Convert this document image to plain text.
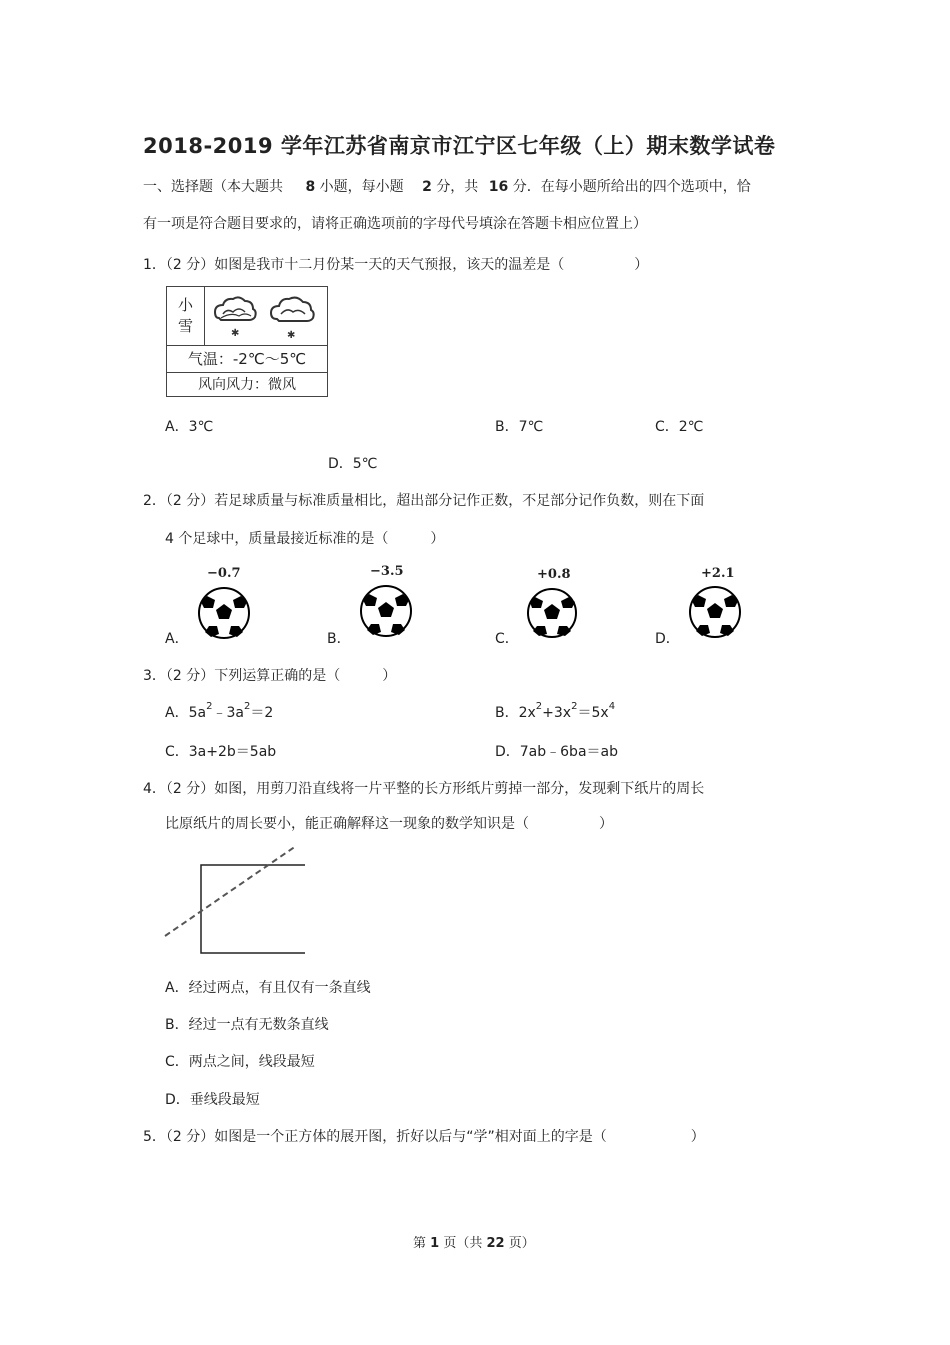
2018-2019 学年江苏省南京市江宁区七年级（上）期末数学试卷
一、选择题（本大题共 8 小题，每小题 2 分，共 16 分．在每小题所给出的四个选项中，恰
有一项是符合题目要求的，请将正确选项前的字母代号填涂在答题卡相应位置上）
1．（2 分）如图是我市十二月份某一天的天气预报，该天的温差是（　　　　　）
小
雪	✱	✱
气温：-2℃～5℃
风向风力：微风
A．3℃	B．7℃	C．2℃
D．5℃
2．（2 分）若足球质量与标准质量相比，超出部分记作正数，不足部分记作负数，则在下面
4 个足球中，质量最接近标准的是（　　　）
−0.7	−3.5	+0.8	+2.1
A．	B．	C．	D．
3．（2 分）下列运算正确的是（　　　）
A．$5a^2﹣3a^2=2$	B．$2x^2+3x^2=5x^4$
C．3a+2b＝5ab	D．7ab﹣6ba＝ab
4．（2 分）如图，用剪刀沿直线将一片平整的长方形纸片剪掉一部分，发现剩下纸片的周长
比原纸片的周长要小，能正确解释这一现象的数学知识是（　　　　　）
A．经过两点，有且仅有一条直线
B．经过一点有无数条直线
C．两点之间，线段最短
D．垂线段最短
5．（2 分）如图是一个正方体的展开图，折好以后与“学”相对面上的字是（　　　　　　）
第 1 页（共 22 页）
